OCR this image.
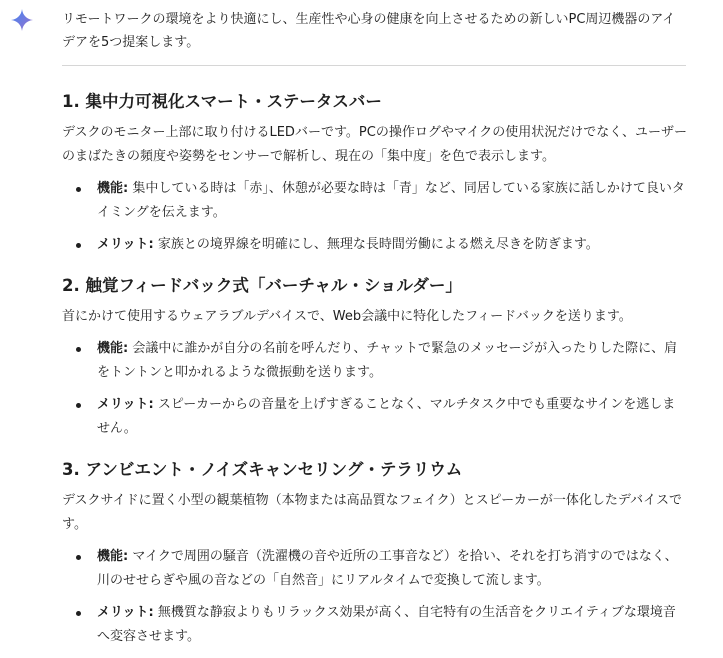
リモートワークの環境をより快適にし、生産性や心身の健康を向上させるための新しいPC周辺機器のアイデアを5つ提案します。

1. 集中力可視化スマート・ステータスバー

デスクのモニター上部に取り付けるLEDバーです。PCの操作ログやマイクの使用状況だけでなく、ユーザーのまばたきの頻度や姿勢をセンサーで解析し、現在の「集中度」を色で表示します。

機能: 集中している時は「赤」、休憩が必要な時は「青」など、同居している家族に話しかけて良いタイミングを伝えます。
メリット: 家族との境界線を明確にし、無理な長時間労働による燃え尽きを防ぎます。
2. 触覚フィードバック式「バーチャル・ショルダー」

首にかけて使用するウェアラブルデバイスで、Web会議中に特化したフィードバックを送ります。

機能: 会議中に誰かが自分の名前を呼んだり、チャットで緊急のメッセージが入ったりした際に、肩をトントンと叩かれるような微振動を送ります。
メリット: スピーカーからの音量を上げすぎることなく、マルチタスク中でも重要なサインを逃しません。
3. アンビエント・ノイズキャンセリング・テラリウム

デスクサイドに置く小型の観葉植物（本物または高品質なフェイク）とスピーカーが一体化したデバイスです。

機能: マイクで周囲の騒音（洗濯機の音や近所の工事音など）を拾い、それを打ち消すのではなく、川のせせらぎや風の音などの「自然音」にリアルタイムで変換して流します。
メリット: 無機質な静寂よりもリラックス効果が高く、自宅特有の生活音をクリエイティブな環境音へ変容させます。
